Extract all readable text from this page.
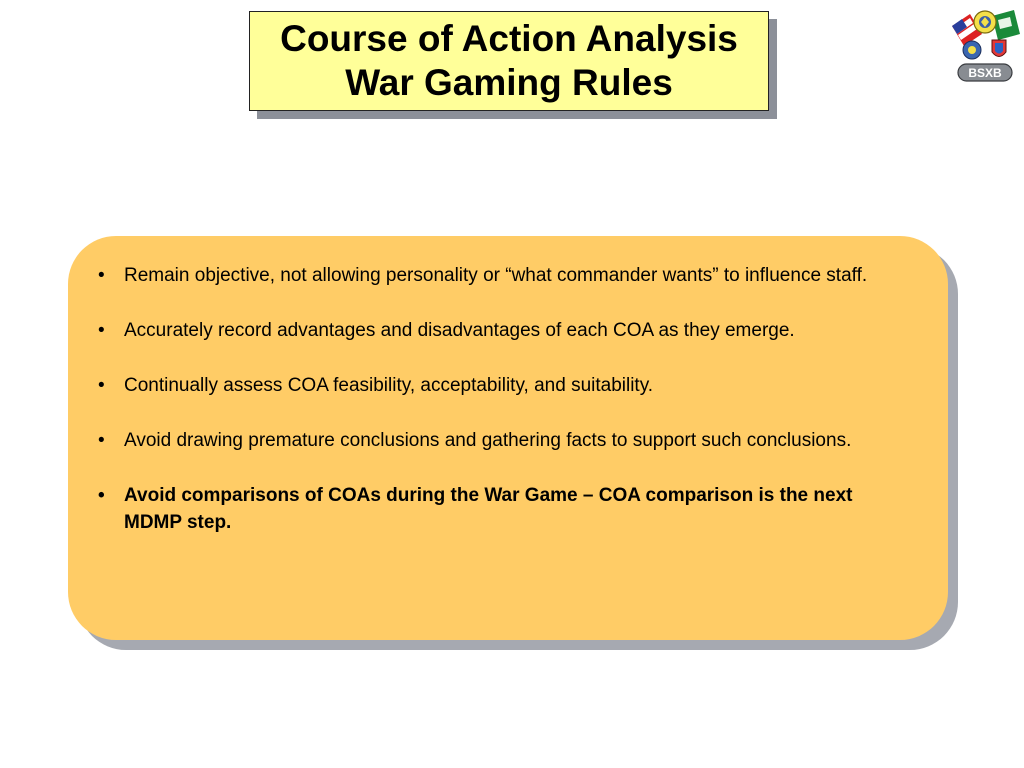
Course of Action Analysis
War Gaming Rules	BSXB
• Remain objective, not allowing personality or “what commander wants” to influence staff.
• Accurately record advantages and disadvantages of each COA as they emerge.
• Continually assess COA feasibility, acceptability, and suitability.
• Avoid drawing premature conclusions and gathering facts to support such conclusions.
• Avoid comparisons of COAs during the War Game – COA comparison is the next MDMP step.
